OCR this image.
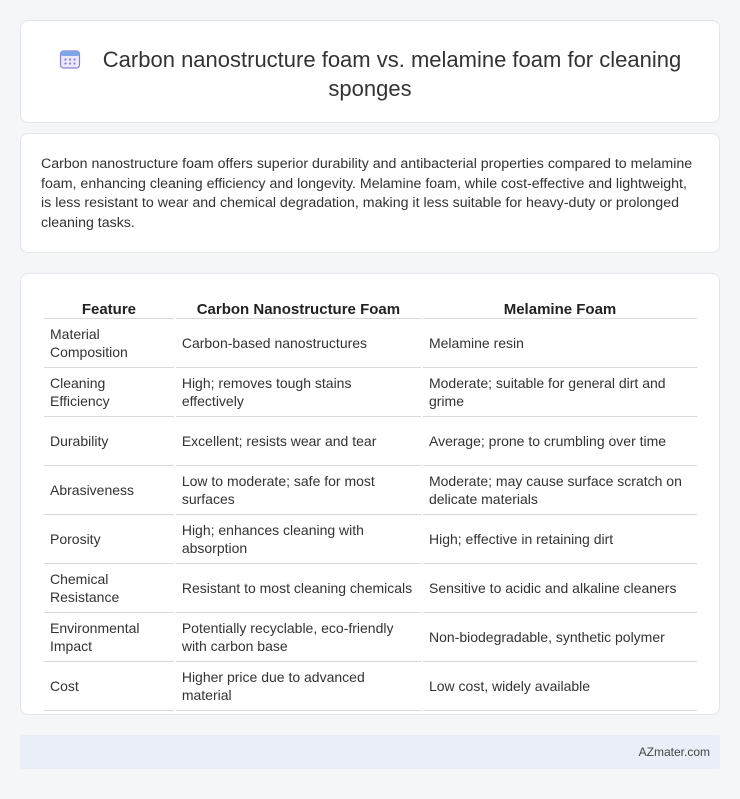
Carbon nanostructure foam vs. melamine foam for cleaning sponges

Carbon nanostructure foam offers superior durability and antibacterial properties compared to melamine foam, enhancing cleaning efficiency and longevity. Melamine foam, while cost-effective and lightweight, is less resistant to wear and chemical degradation, making it less suitable for heavy-duty or prolonged cleaning tasks.

Feature	Carbon Nanostructure Foam	Melamine Foam
Material Composition	Carbon-based nanostructures	Melamine resin
Cleaning Efficiency	High; removes tough stains effectively	Moderate; suitable for general dirt and grime
Durability	Excellent; resists wear and tear	Average; prone to crumbling over time
Abrasiveness	Low to moderate; safe for most surfaces	Moderate; may cause surface scratch on delicate materials
Porosity	High; enhances cleaning with absorption	High; effective in retaining dirt
Chemical Resistance	Resistant to most cleaning chemicals	Sensitive to acidic and alkaline cleaners
Environmental Impact	Potentially recyclable, eco-friendly with carbon base	Non-biodegradable, synthetic polymer
Cost	Higher price due to advanced material	Low cost, widely available
AZmater.com
